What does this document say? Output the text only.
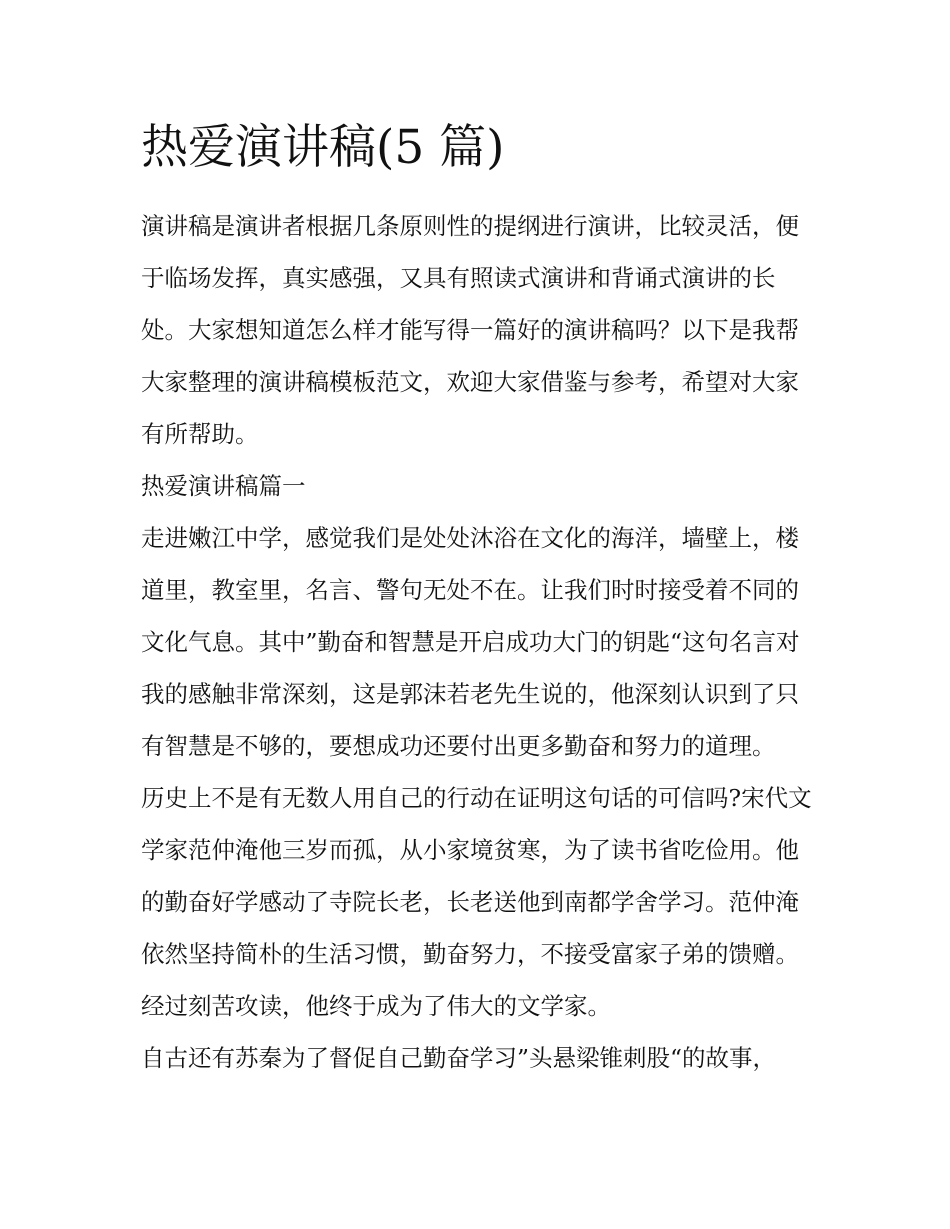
热爱演讲稿(5 篇)

演讲稿是演讲者根据几条原则性的提纲进行演讲，比较灵活，便于临场发挥，真实感强，又具有照读式演讲和背诵式演讲的长处。大家想知道怎么样才能写得一篇好的演讲稿吗？以下是我帮大家整理的演讲稿模板范文，欢迎大家借鉴与参考，希望对大家有所帮助。

热爱演讲稿篇一

走进嫩江中学，感觉我们是处处沐浴在文化的海洋，墙壁上，楼道里，教室里，名言、警句无处不在。让我们时时接受着不同的文化气息。其中”勤奋和智慧是开启成功大门的钥匙“这句名言对我的感触非常深刻，这是郭沫若老先生说的，他深刻认识到了只有智慧是不够的，要想成功还要付出更多勤奋和努力的道理。

历史上不是有无数人用自己的行动在证明这句话的可信吗?宋代文学家范仲淹他三岁而孤，从小家境贫寒，为了读书省吃俭用。他的勤奋好学感动了寺院长老，长老送他到南都学舍学习。范仲淹依然坚持简朴的生活习惯，勤奋努力，不接受富家子弟的馈赠。经过刻苦攻读，他终于成为了伟大的文学家。

自古还有苏秦为了督促自己勤奋学习”头悬梁锥刺股“的故事，
